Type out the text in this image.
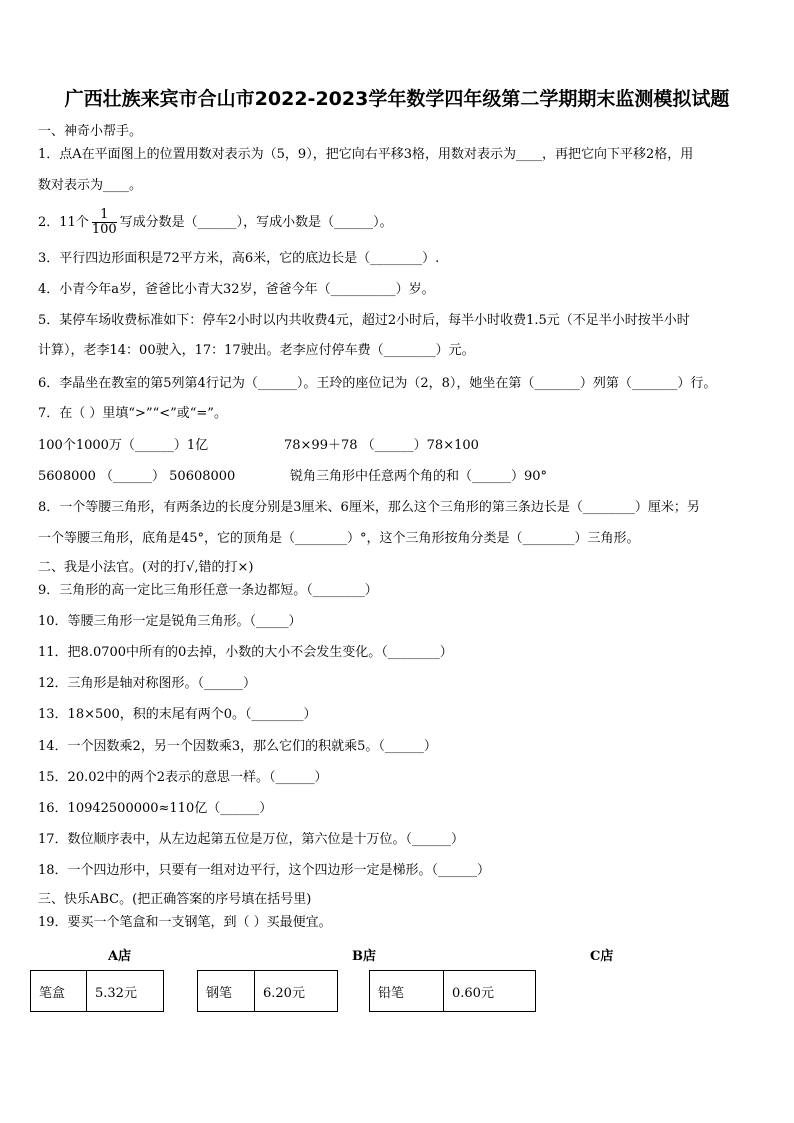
广西壮族来宾市合山市2022-2023学年数学四年级第二学期期末监测模拟试题
一、神奇小帮手。
1．点A在平面图上的位置用数对表示为（5，9），把它向右平移3格，用数对表示为____，再把它向下平移2格，用
数对表示为____。
2．11个 $\frac{1}{100}$ 写成分数是（______），写成小数是（______）。
3．平行四边形面积是72平方米，高6米，它的底边长是（________）.
4．小青今年a岁，爸爸比小青大32岁，爸爸今年（__________）岁。
5．某停车场收费标准如下：停车2小时以内共收费4元，超过2小时后，每半小时收费1.5元（不足半小时按半小时
计算），老李14：00驶入，17：17驶出。老李应付停车费（________）元。
6．李晶坐在教室的第5列第4行记为（______）。王玲的座位记为（2，8），她坐在第（_______）列第（_______）行。
7．在（ ）里填“>”“<”或“=”。
100个1000万（______）1亿	78×99＋78 （______）78×100
5608000 （______） 50608000	锐角三角形中任意两个角的和（______）90°
8．一个等腰三角形，有两条边的长度分别是3厘米、6厘米，那么这个三角形的第三条边长是（________）厘米；另
一个等腰三角形，底角是45°，它的顶角是（________）°，这个三角形按角分类是（________）三角形。
二、我是小法官。(对的打√,错的打×)
9．三角形的高一定比三角形任意一条边都短。（________）
10．等腰三角形一定是锐角三角形。（_____）
11．把8.0700中所有的0去掉，小数的大小不会发生变化。（________）
12．三角形是轴对称图形。（______）
13．18×500，积的末尾有两个0。（________）
14．一个因数乘2，另一个因数乘3，那么它们的积就乘5。（______）
15．20.02中的两个2表示的意思一样。（______）
16．10942500000≈110亿（______）
17．数位顺序表中，从左边起第五位是万位，第六位是十万位。（______）
18．一个四边形中，只要有一组对边平行，这个四边形一定是梯形。（______）
三、快乐ABC。(把正确答案的序号填在括号里)
19．要买一个笔盒和一支钢笔，到（ ）买最便宜。
A店	B店	C店
笔盒	5.32元	钢笔	6.20元	铅笔	0.60元
